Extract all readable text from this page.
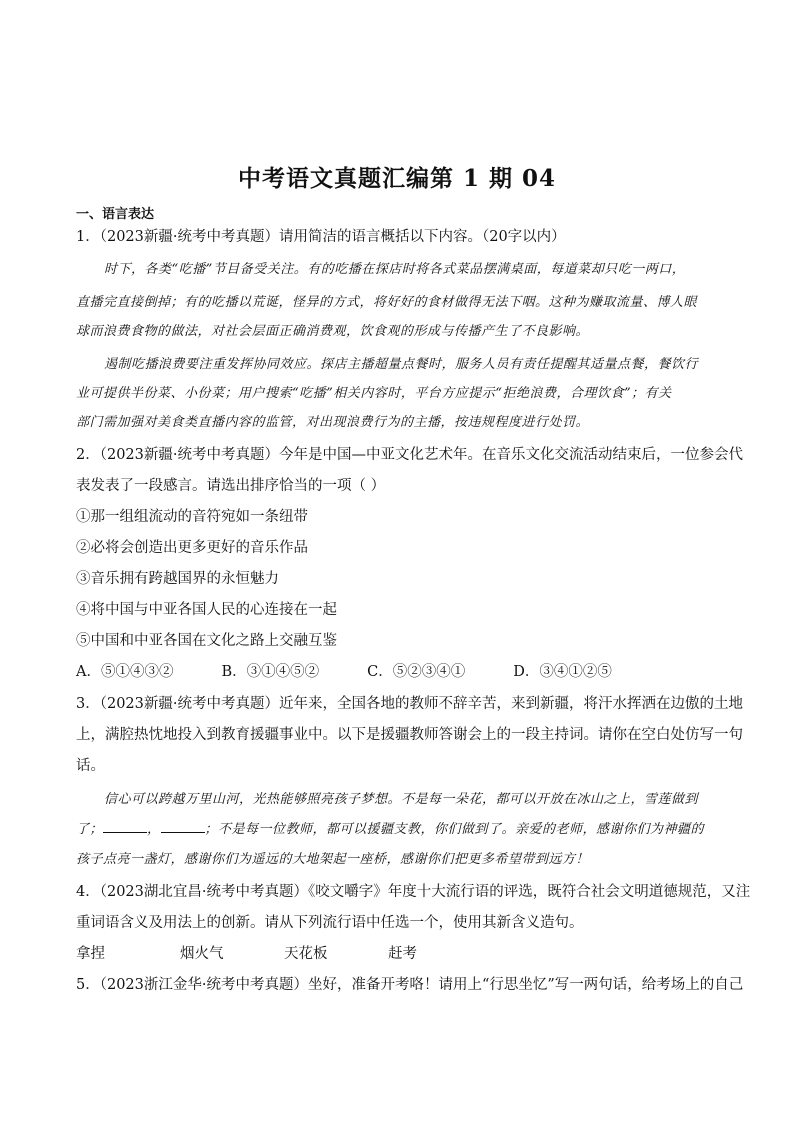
中考语文真题汇编第 1 期 04
一、语言表达
1．（2023新疆·统考中考真题）请用简洁的语言概括以下内容。（20字以内）
时下，各类“吃播”节目备受关注。有的吃播在探店时将各式菜品摆满桌面，每道菜却只吃一两口，
直播完直接倒掉；有的吃播以荒诞，怪异的方式，将好好的食材做得无法下咽。这种为赚取流量、博人眼
球而浪费食物的做法，对社会层面正确消费观，饮食观的形成与传播产生了不良影响。
遏制吃播浪费要注重发挥协同效应。探店主播超量点餐时，服务人员有责任提醒其适量点餐，餐饮行
业可提供半份菜、小份菜；用户搜索“吃播”相关内容时，平台方应提示“拒绝浪费，合理饮食”；有关
部门需加强对美食类直播内容的监管，对出现浪费行为的主播，按违规程度进行处罚。
2．（2023新疆·统考中考真题）今年是中国—中亚文化艺术年。在音乐文化交流活动结束后，一位参会代
表发表了一段感言。请选出排序恰当的一项（ ）
①那一组组流动的音符宛如一条纽带
②必将会创造出更多更好的音乐作品
③音乐拥有跨越国界的永恒魅力
④将中国与中亚各国人民的心连接在一起
⑤中国和中亚各国在文化之路上交融互鉴
A．⑤①④③②	B．③①④⑤②	C．⑤②③④①	D．③④①②⑤
3．（2023新疆·统考中考真题）近年来，全国各地的教师不辞辛苦，来到新疆，将汗水挥洒在边傲的土地
上，满腔热忱地投入到教育援疆事业中。以下是援疆教师答谢会上的一段主持词。请你在空白处仿写一句
话。
信心可以跨越万里山河，光热能够照亮孩子梦想。不是每一朵花，都可以开放在冰山之上，雪莲做到
了；	，	；不是每一位教师，都可以援疆支教，你们做到了。亲爱的老师，感谢你们为神疆的
孩子点亮一盏灯，感谢你们为遥远的大地架起一座桥，感谢你们把更多希望带到远方！
4．（2023湖北宜昌·统考中考真题）《咬文嚼字》年度十大流行语的评选，既符合社会文明道德规范，又注
重词语含义及用法上的创新。请从下列流行语中任选一个，使用其新含义造句。
拿捏	烟火气	天花板	赶考
5．（2023浙江金华·统考中考真题）坐好，准备开考咯！请用上“行思坐忆”写一两句话，给考场上的自己
